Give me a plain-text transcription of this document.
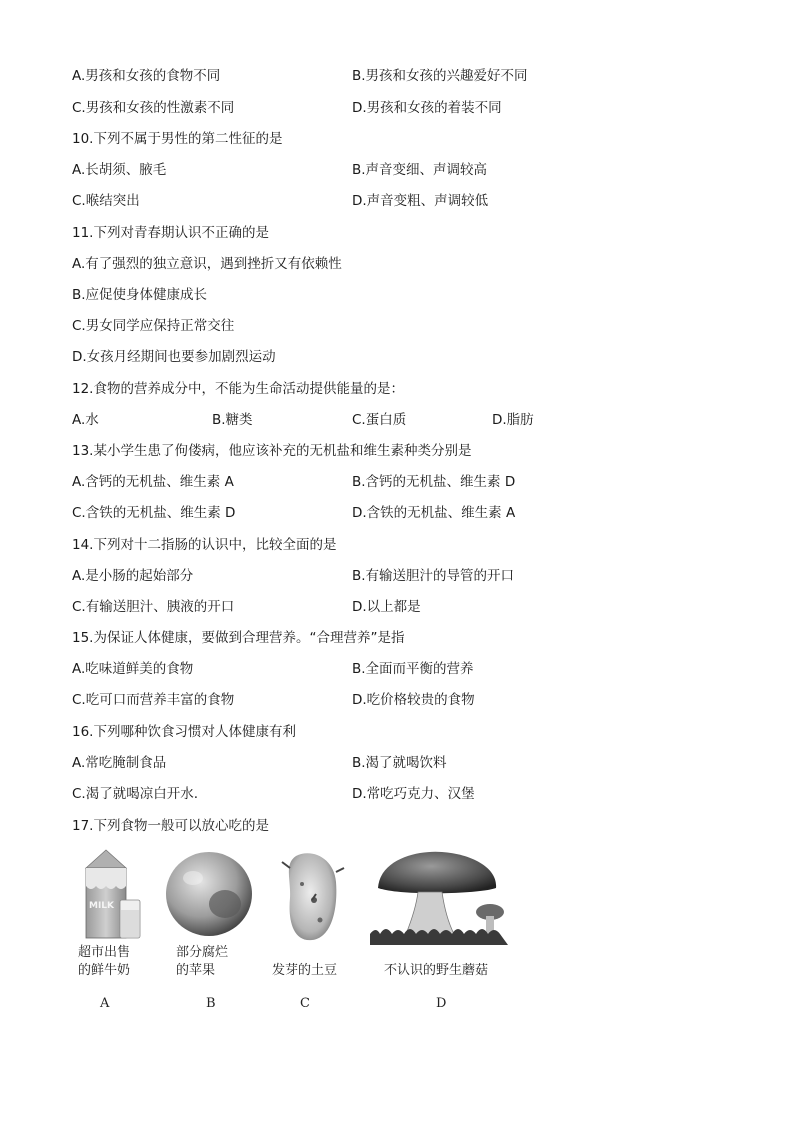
A.男孩和女孩的食物不同	B.男孩和女孩的兴趣爱好不同
C.男孩和女孩的性激素不同	D.男孩和女孩的着装不同
10.下列不属于男性的第二性征的是
A.长胡须、腋毛	B.声音变细、声调较高
C.喉结突出	D.声音变粗、声调较低
11.下列对青春期认识不正确的是
A.有了强烈的独立意识，遇到挫折又有依赖性
B.应促使身体健康成长
C.男女同学应保持正常交往
D.女孩月经期间也要参加剧烈运动
12.食物的营养成分中，不能为生命活动提供能量的是：
A.水	B.糖类	C.蛋白质	D.脂肪
13.某小学生患了佝偻病，他应该补充的无机盐和维生素种类分别是
A.含钙的无机盐、维生素 A	B.含钙的无机盐、维生素 D
C.含铁的无机盐、维生素 D	D.含铁的无机盐、维生素 A
14.下列对十二指肠的认识中，比较全面的是
A.是小肠的起始部分	B.有输送胆汁的导管的开口
C.有输送胆汁、胰液的开口	D.以上都是
15.为保证人体健康，要做到合理营养。“合理营养”是指
A.吃味道鲜美的食物	B.全面而平衡的营养
C.吃可口而营养丰富的食物	D.吃价格较贵的食物
16.下列哪种饮食习惯对人体健康有利
A.常吃腌制食品	B.渴了就喝饮料
C.渴了就喝凉白开水.	D.常吃巧克力、汉堡
17.下列食物一般可以放心吃的是
MILK
超市出售
的鲜牛奶
A
部分腐烂
的苹果
B
发芽的土豆
C
不认识的野生蘑菇
D
